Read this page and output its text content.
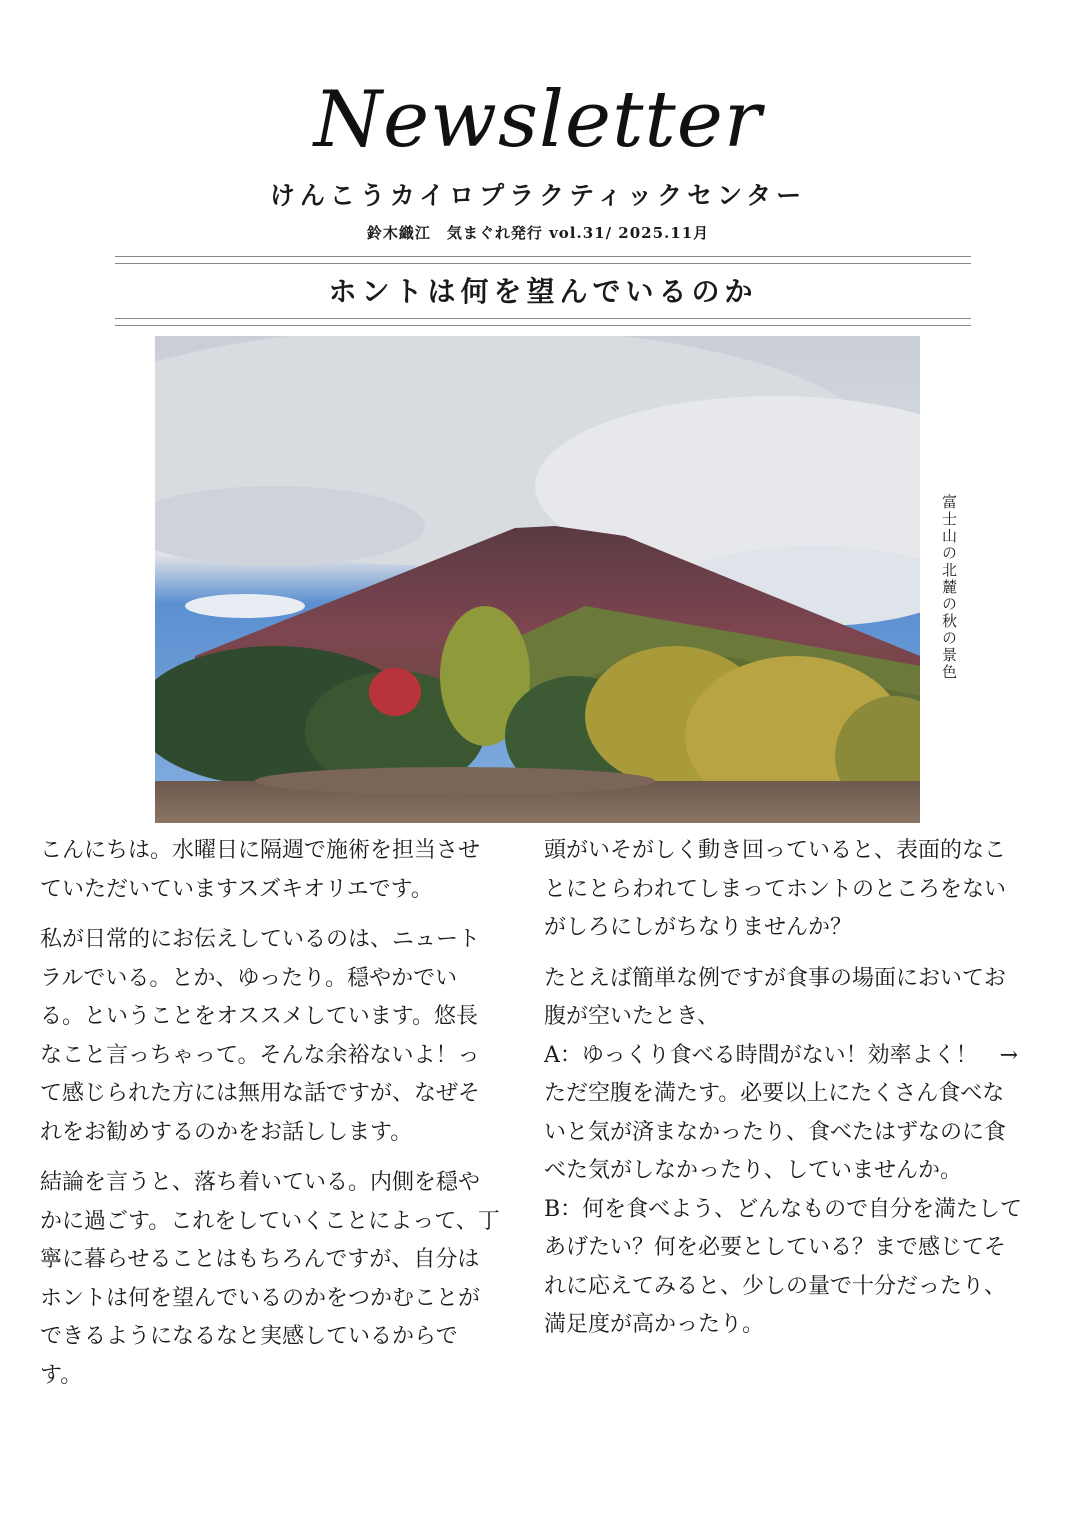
Newsletter
けんこうカイロプラクティックセンター
鈴木織江　気まぐれ発行 vol.31/ 2025.11月
ホントは何を望んでいるのか
富士山の北麓の秋の景色

こんにちは。水曜日に隔週で施術を担当させていただいていますスズキオリエです。

私が日常的にお伝えしているのは、ニュートラルでいる。とか、ゆったり。穏やかでいる。ということをオススメしています。悠長なこと言っちゃって。そんな余裕ないよ！って感じられた方には無用な話ですが、なぜそれをお勧めするのかをお話しします。

結論を言うと、落ち着いている。内側を穏やかに過ごす。これをしていくことによって、丁寧に暮らせることはもちろんですが、自分はホントは何を望んでいるのかをつかむことができるようになるなと実感しているからです。

頭がいそがしく動き回っていると、表面的なことにとらわれてしまってホントのところをないがしろにしがちなりませんか？

たとえば簡単な例ですが食事の場面においてお腹が空いたとき、
A：ゆっくり食べる時間がない！効率よく！　→ただ空腹を満たす。必要以上にたくさん食べないと気が済まなかったり、食べたはずなのに食べた気がしなかったり、していませんか。
B：何を食べよう、どんなもので自分を満たしてあげたい？何を必要としている？まで感じてそれに応えてみると、少しの量で十分だったり、満足度が高かったり。
